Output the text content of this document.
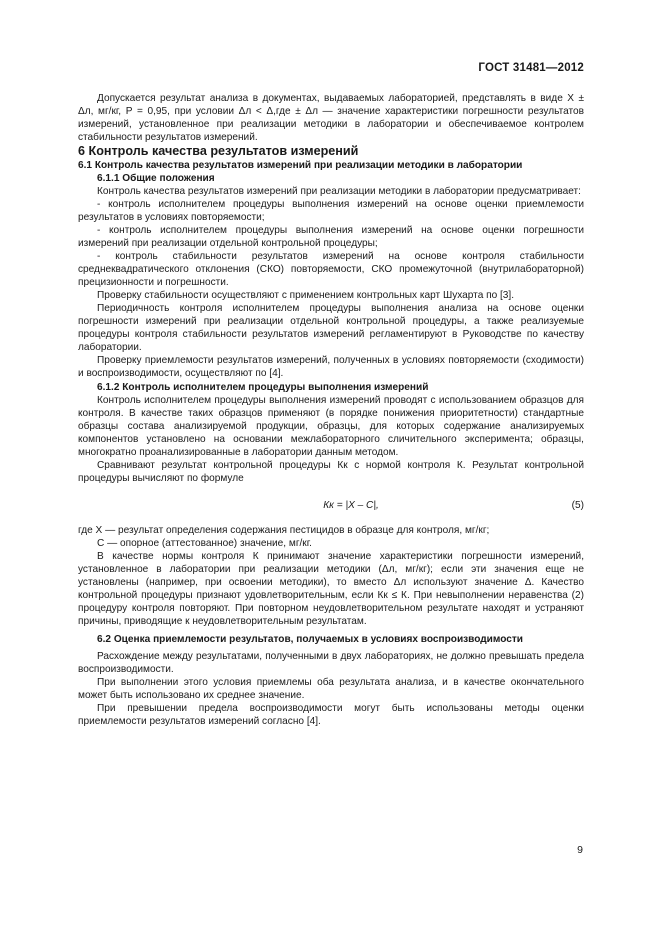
ГОСТ 31481—2012

Допускается результат анализа в документах, выдаваемых лабораторией, представлять в виде X ± Δл, мг/кг, Р = 0,95, при условии Δл < Δ,где ± Δл — значение характеристики погрешности результатов измерений, установленное при реализации методики в лаборатории и обеспечиваемое контролем стабильности результатов измерений.

6 Контроль качества результатов измерений

6.1 Контроль качества результатов измерений при реализации методики в лаборатории

6.1.1 Общие положения

Контроль качества результатов измерений при реализации методики в лаборатории предусматривает:

- контроль исполнителем процедуры выполнения измерений на основе оценки приемлемости результатов в условиях повторяемости;

- контроль исполнителем процедуры выполнения измерений на основе оценки погрешности измерений при реализации отдельной контрольной процедуры;

- контроль стабильности результатов измерений на основе контроля стабильности среднеквадратического отклонения (СКО) повторяемости, СКО промежуточной (внутрилабораторной) прецизионности и погрешности.

Проверку стабильности осуществляют с применением контрольных карт Шухарта по [3].

Периодичность контроля исполнителем процедуры выполнения анализа на основе оценки погрешности измерений при реализации отдельной контрольной процедуры, а также реализуемые процедуры контроля стабильности результатов измерений регламентируют в Руководстве по качеству лаборатории.

Проверку приемлемости результатов измерений, полученных в условиях повторяемости (сходимости) и воспроизводимости, осуществляют по [4].

6.1.2 Контроль исполнителем процедуры выполнения измерений

Контроль исполнителем процедуры выполнения измерений проводят с использованием образцов для контроля. В качестве таких образцов применяют (в порядке понижения приоритетности) стандартные образцы состава анализируемой продукции, образцы, для которых содержание анализируемых компонентов установлено на основании межлабораторного сличительного эксперимента; образцы, многократно проанализированные в лаборатории данным методом.

Сравнивают результат контрольной процедуры Кк с нормой контроля К. Результат контрольной процедуры вычисляют по формуле

Кк = |X – C|,	(5)

где X — результат определения содержания пестицидов в образце для контроля, мг/кг;

С — опорное (аттестованное) значение, мг/кг.

В качестве нормы контроля К принимают значение характеристики погрешности измерений, установленное в лаборатории при реализации методики (Δл, мг/кг); если эти значения еще не установлены (например, при освоении методики), то вместо Δл используют значение Δ. Качество контрольной процедуры признают удовлетворительным, если Кк ≤ К. При невыполнении неравенства (2) процедуру контроля повторяют. При повторном неудовлетворительном результате находят и устраняют причины, приводящие к неудовлетворительным результатам.

6.2 Оценка приемлемости результатов, получаемых в условиях воспроизводимости

Расхождение между результатами, полученными в двух лабораториях, не должно превышать предела воспроизводимости.

При выполнении этого условия приемлемы оба результата анализа, и в качестве окончательного может быть использовано их среднее значение.

При превышении предела воспроизводимости могут быть использованы методы оценки приемлемости результатов измерений согласно [4].

9
